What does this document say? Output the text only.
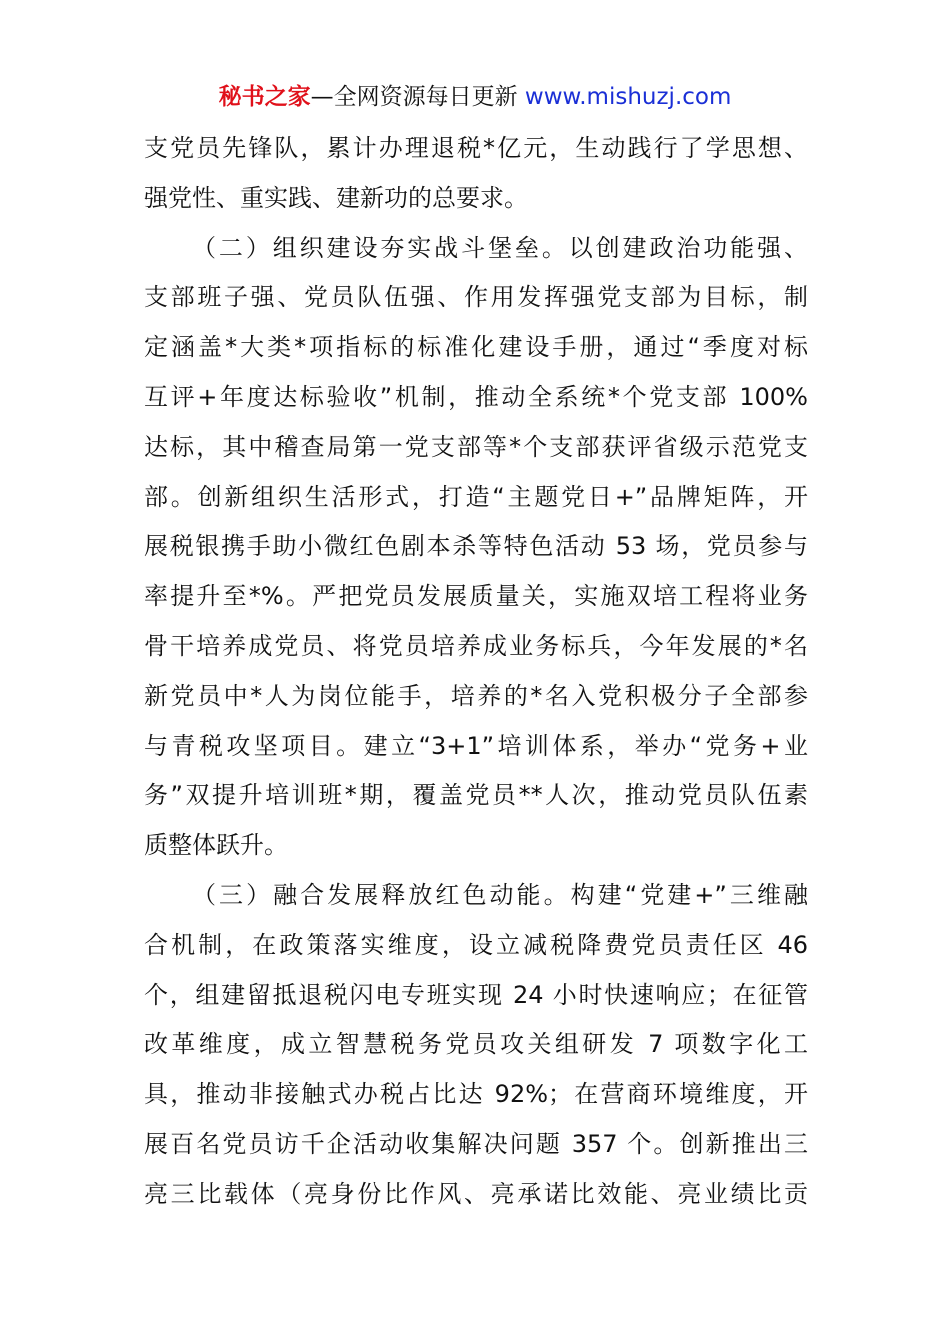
秘书之家—全网资源每日更新 www.mishuzj.com
支党员先锋队，累计办理退税*亿元，生动践行了学思想、
强党性、重实践、建新功的总要求。
（二）组织建设夯实战斗堡垒。以创建政治功能强、
支部班子强、党员队伍强、作用发挥强党支部为目标，制
定涵盖*大类*项指标的标准化建设手册，通过“季度对标
互评+年度达标验收”机制，推动全系统*个党支部 100%
达标，其中稽查局第一党支部等*个支部获评省级示范党支
部。创新组织生活形式，打造“主题党日+”品牌矩阵，开
展税银携手助小微红色剧本杀等特色活动 53 场，党员参与
率提升至*%。严把党员发展质量关，实施双培工程将业务
骨干培养成党员、将党员培养成业务标兵，今年发展的*名
新党员中*人为岗位能手，培养的*名入党积极分子全部参
与青税攻坚项目。建立“3+1”培训体系，举办“党务+业
务”双提升培训班*期，覆盖党员**人次，推动党员队伍素
质整体跃升。
（三）融合发展释放红色动能。构建“党建+”三维融
合机制，在政策落实维度，设立减税降费党员责任区 46
个，组建留抵退税闪电专班实现 24 小时快速响应；在征管
改革维度，成立智慧税务党员攻关组研发 7 项数字化工
具，推动非接触式办税占比达 92%；在营商环境维度，开
展百名党员访千企活动收集解决问题 357 个。创新推出三
亮三比载体（亮身份比作风、亮承诺比效能、亮业绩比贡
